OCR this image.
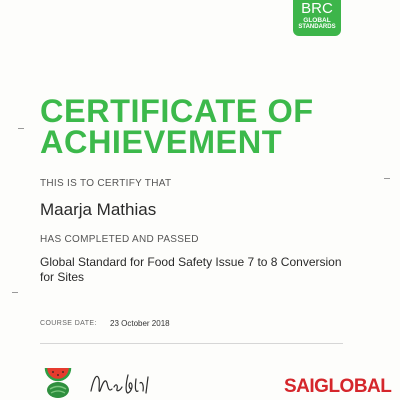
BRC
GLOBAL
STANDARDS
CERTIFICATE OF
ACHIEVEMENT
THIS IS TO CERTIFY THAT
Maarja Mathias
HAS COMPLETED AND PASSED
Global Standard for Food Safety Issue 7 to 8 Conversion
for Sites
COURSE DATE: 23 October 2018
SAIGLOBAL
